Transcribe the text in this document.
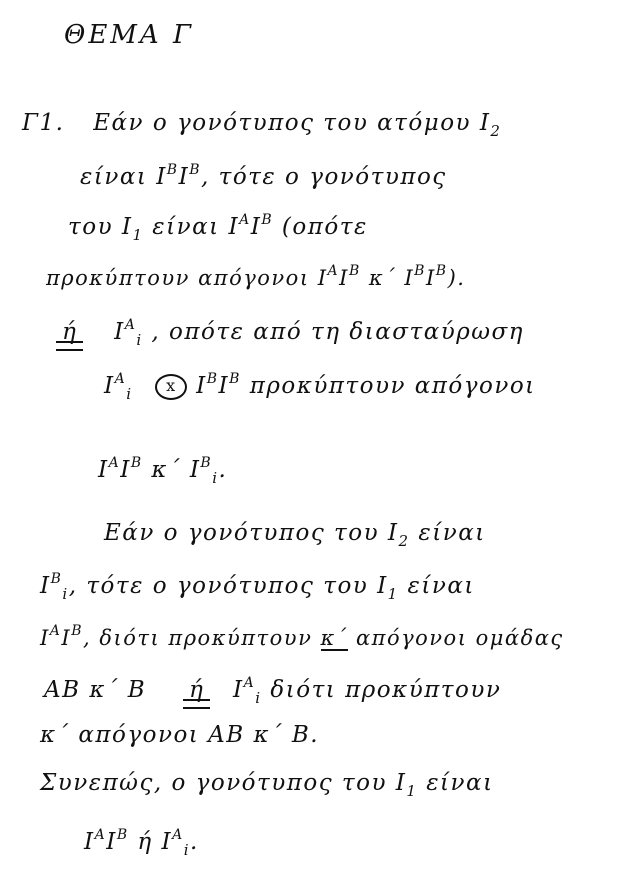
ΘΕΜΑ Γ
Γ1. Εάν ο γονότυπος του ατόμου $I_2$
είναι $I^BI^B$, τότε ο γονότυπος
του $I_1$ είναι $I^AI^B$ (οπότε
προκύπτουν απόγονοι $I^AI^B$ κ΄ $I^BI^B$).
ή $I^A_i$ , οπότε από τη διασταύρωση
$I^A_i$ x $I^BI^B$ προκύπτουν απόγονοι
$I^AI^B$ κ΄ $I^B_i$.
Εάν ο γονότυπος του $I_2$ είναι
$I^B_i$, τότε ο γονότυπος του $I_1$ είναι
$I^AI^B$, διότι προκύπτουν κ΄ απόγονοι ομάδας
AB κ΄ B ή $I^A_i$ διότι προκύπτουν
κ΄ απόγονοι AB κ΄ B.
Συνεπώς, ο γονότυπος του $I_1$ είναι
$I^AI^B$ ή $I^A_i$.
